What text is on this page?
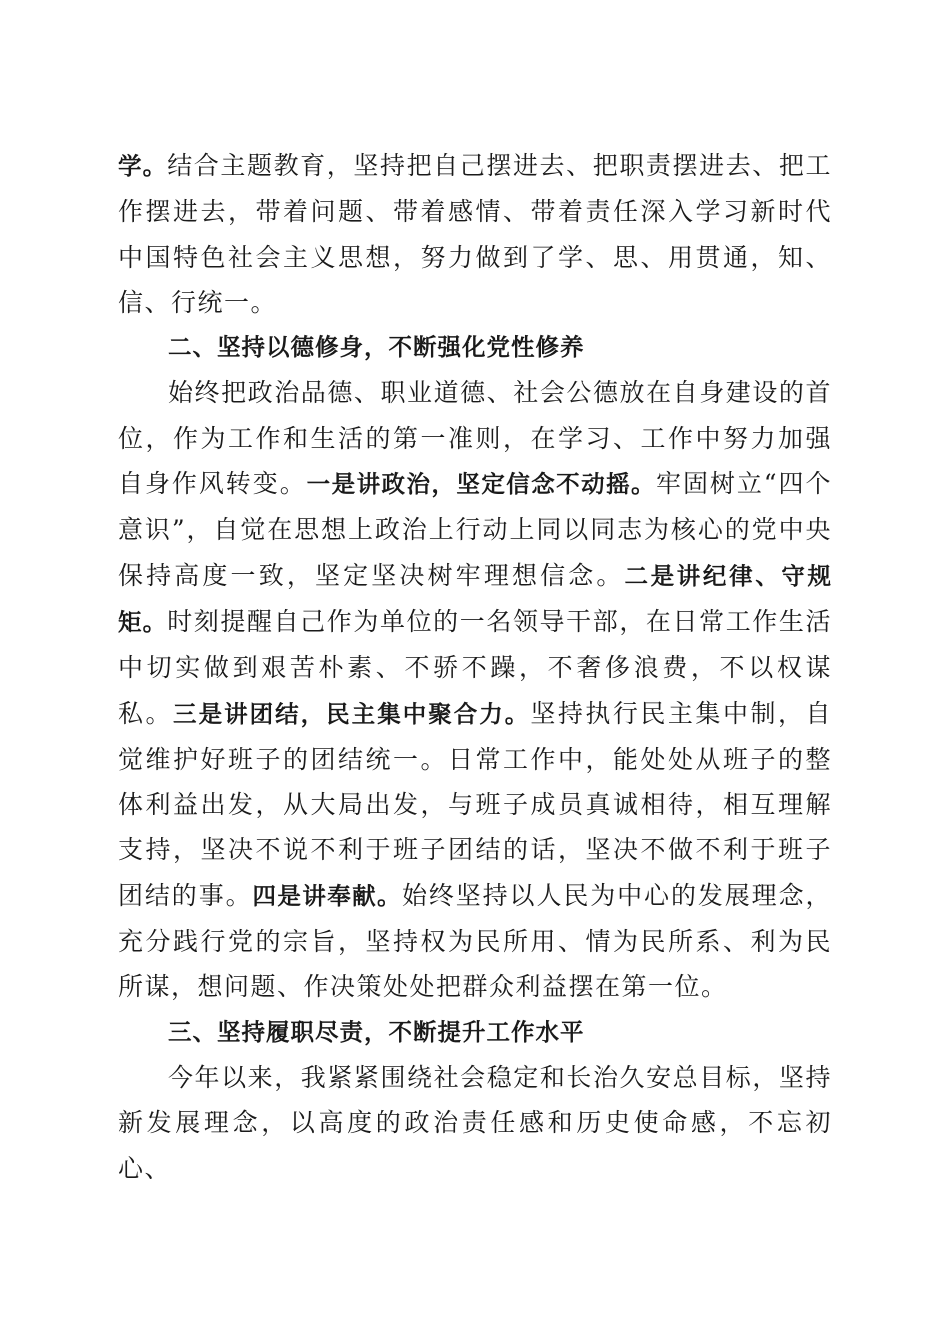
学。结合主题教育，坚持把自己摆进去、把职责摆进去、把工作摆进去，带着问题、带着感情、带着责任深入学习新时代中国特色社会主义思想，努力做到了学、思、用贯通，知、信、行统一。

二、坚持以德修身，不断强化党性修养

始终把政治品德、职业道德、社会公德放在自身建设的首位，作为工作和生活的第一准则，在学习、工作中努力加强自身作风转变。一是讲政治，坚定信念不动摇。牢固树立“四个意识”，自觉在思想上政治上行动上同以同志为核心的党中央保持高度一致，坚定坚决树牢理想信念。二是讲纪律、守规矩。时刻提醒自己作为单位的一名领导干部，在日常工作生活中切实做到艰苦朴素、不骄不躁，不奢侈浪费，不以权谋私。三是讲团结，民主集中聚合力。坚持执行民主集中制，自觉维护好班子的团结统一。日常工作中，能处处从班子的整体利益出发，从大局出发，与班子成员真诚相待，相互理解支持，坚决不说不利于班子团结的话，坚决不做不利于班子团结的事。四是讲奉献。始终坚持以人民为中心的发展理念，充分践行党的宗旨，坚持权为民所用、情为民所系、利为民所谋，想问题、作决策处处把群众利益摆在第一位。

三、坚持履职尽责，不断提升工作水平

今年以来，我紧紧围绕社会稳定和长治久安总目标，坚持新发展理念，以高度的政治责任感和历史使命感，不忘初心、
